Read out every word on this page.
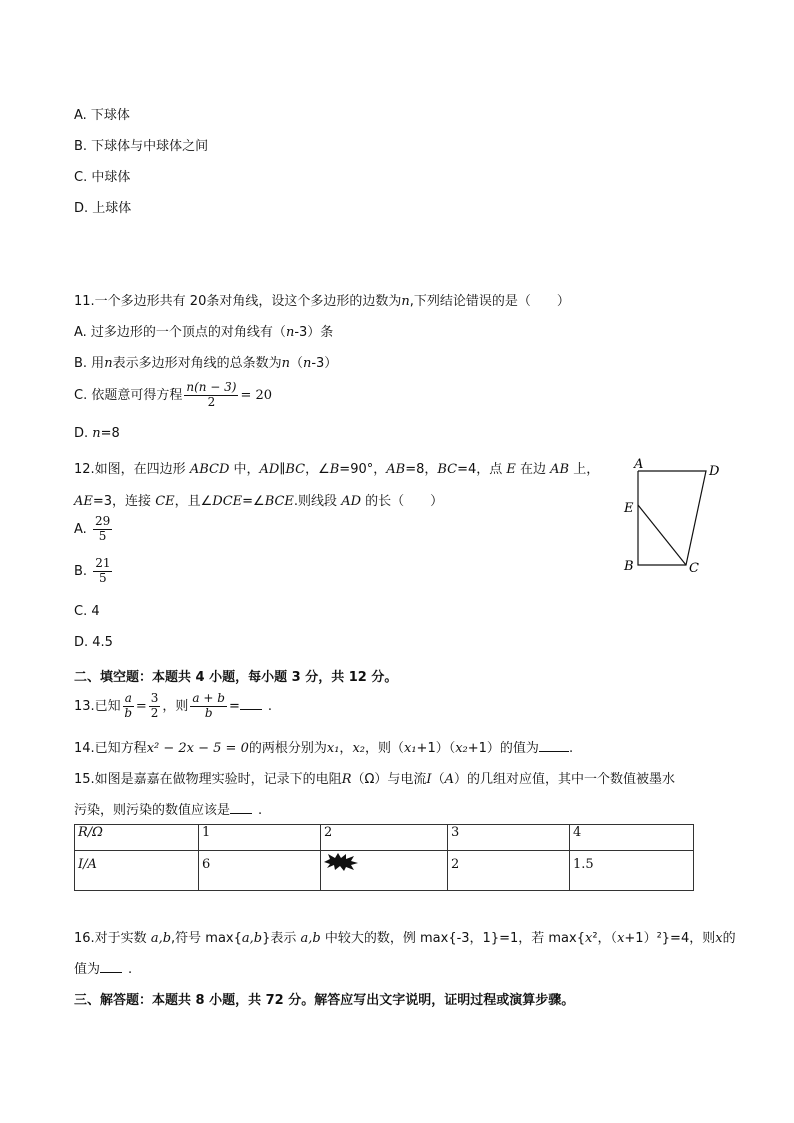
A. 下球体
B. 下球体与中球体之间
C. 中球体
D. 上球体
11.一个多边形共有 20条对角线，设这个多边形的边数为n,下列结论错误的是（　　）
A. 过多边形的一个顶点的对角线有（n-3）条
B. 用n表示多边形对角线的总条数为n（n-3）
C. 依题意可得方程 $\frac{n(n - 3)}{2} = 20$
D. n=8
12.如图，在四边形 ABCD 中，AD∥BC，∠B=90°，AB=8，BC=4，点 E 在边 AB 上，
AE=3，连接 CE，且∠DCE=∠BCE.则线段 AD 的长（　　）
A. $\frac{29}{5}$
B. $\frac{21}{5}$
C. 4
D. 4.5
A	D
E
B	C
二、填空题：本题共 4 小题，每小题 3 分，共 12 分。
13.已知 $\frac{a}{b} = \frac{3}{2}$ ，则 $\frac{a + b}{b}$ = .
14.已知方程x² − 2x − 5 = 0的两根分别为x₁，x₂，则（x₁+1）（x₂+1）的值为 .
15.如图是嘉嘉在做物理实验时，记录下的电阻R（Ω）与电流I（A）的几组对应值，其中一个数值被墨水
污染，则污染的数值应该是 .
R/Ω	1	2	3	4
I/A	6		2	1.5
16.对于实数 a,b,符号 max{a,b}表示 a,b 中较大的数，例 max{-3，1}=1，若 max{x²，（x+1）²}=4，则x的
值为 .
三、解答题：本题共 8 小题，共 72 分。解答应写出文字说明，证明过程或演算步骤。
